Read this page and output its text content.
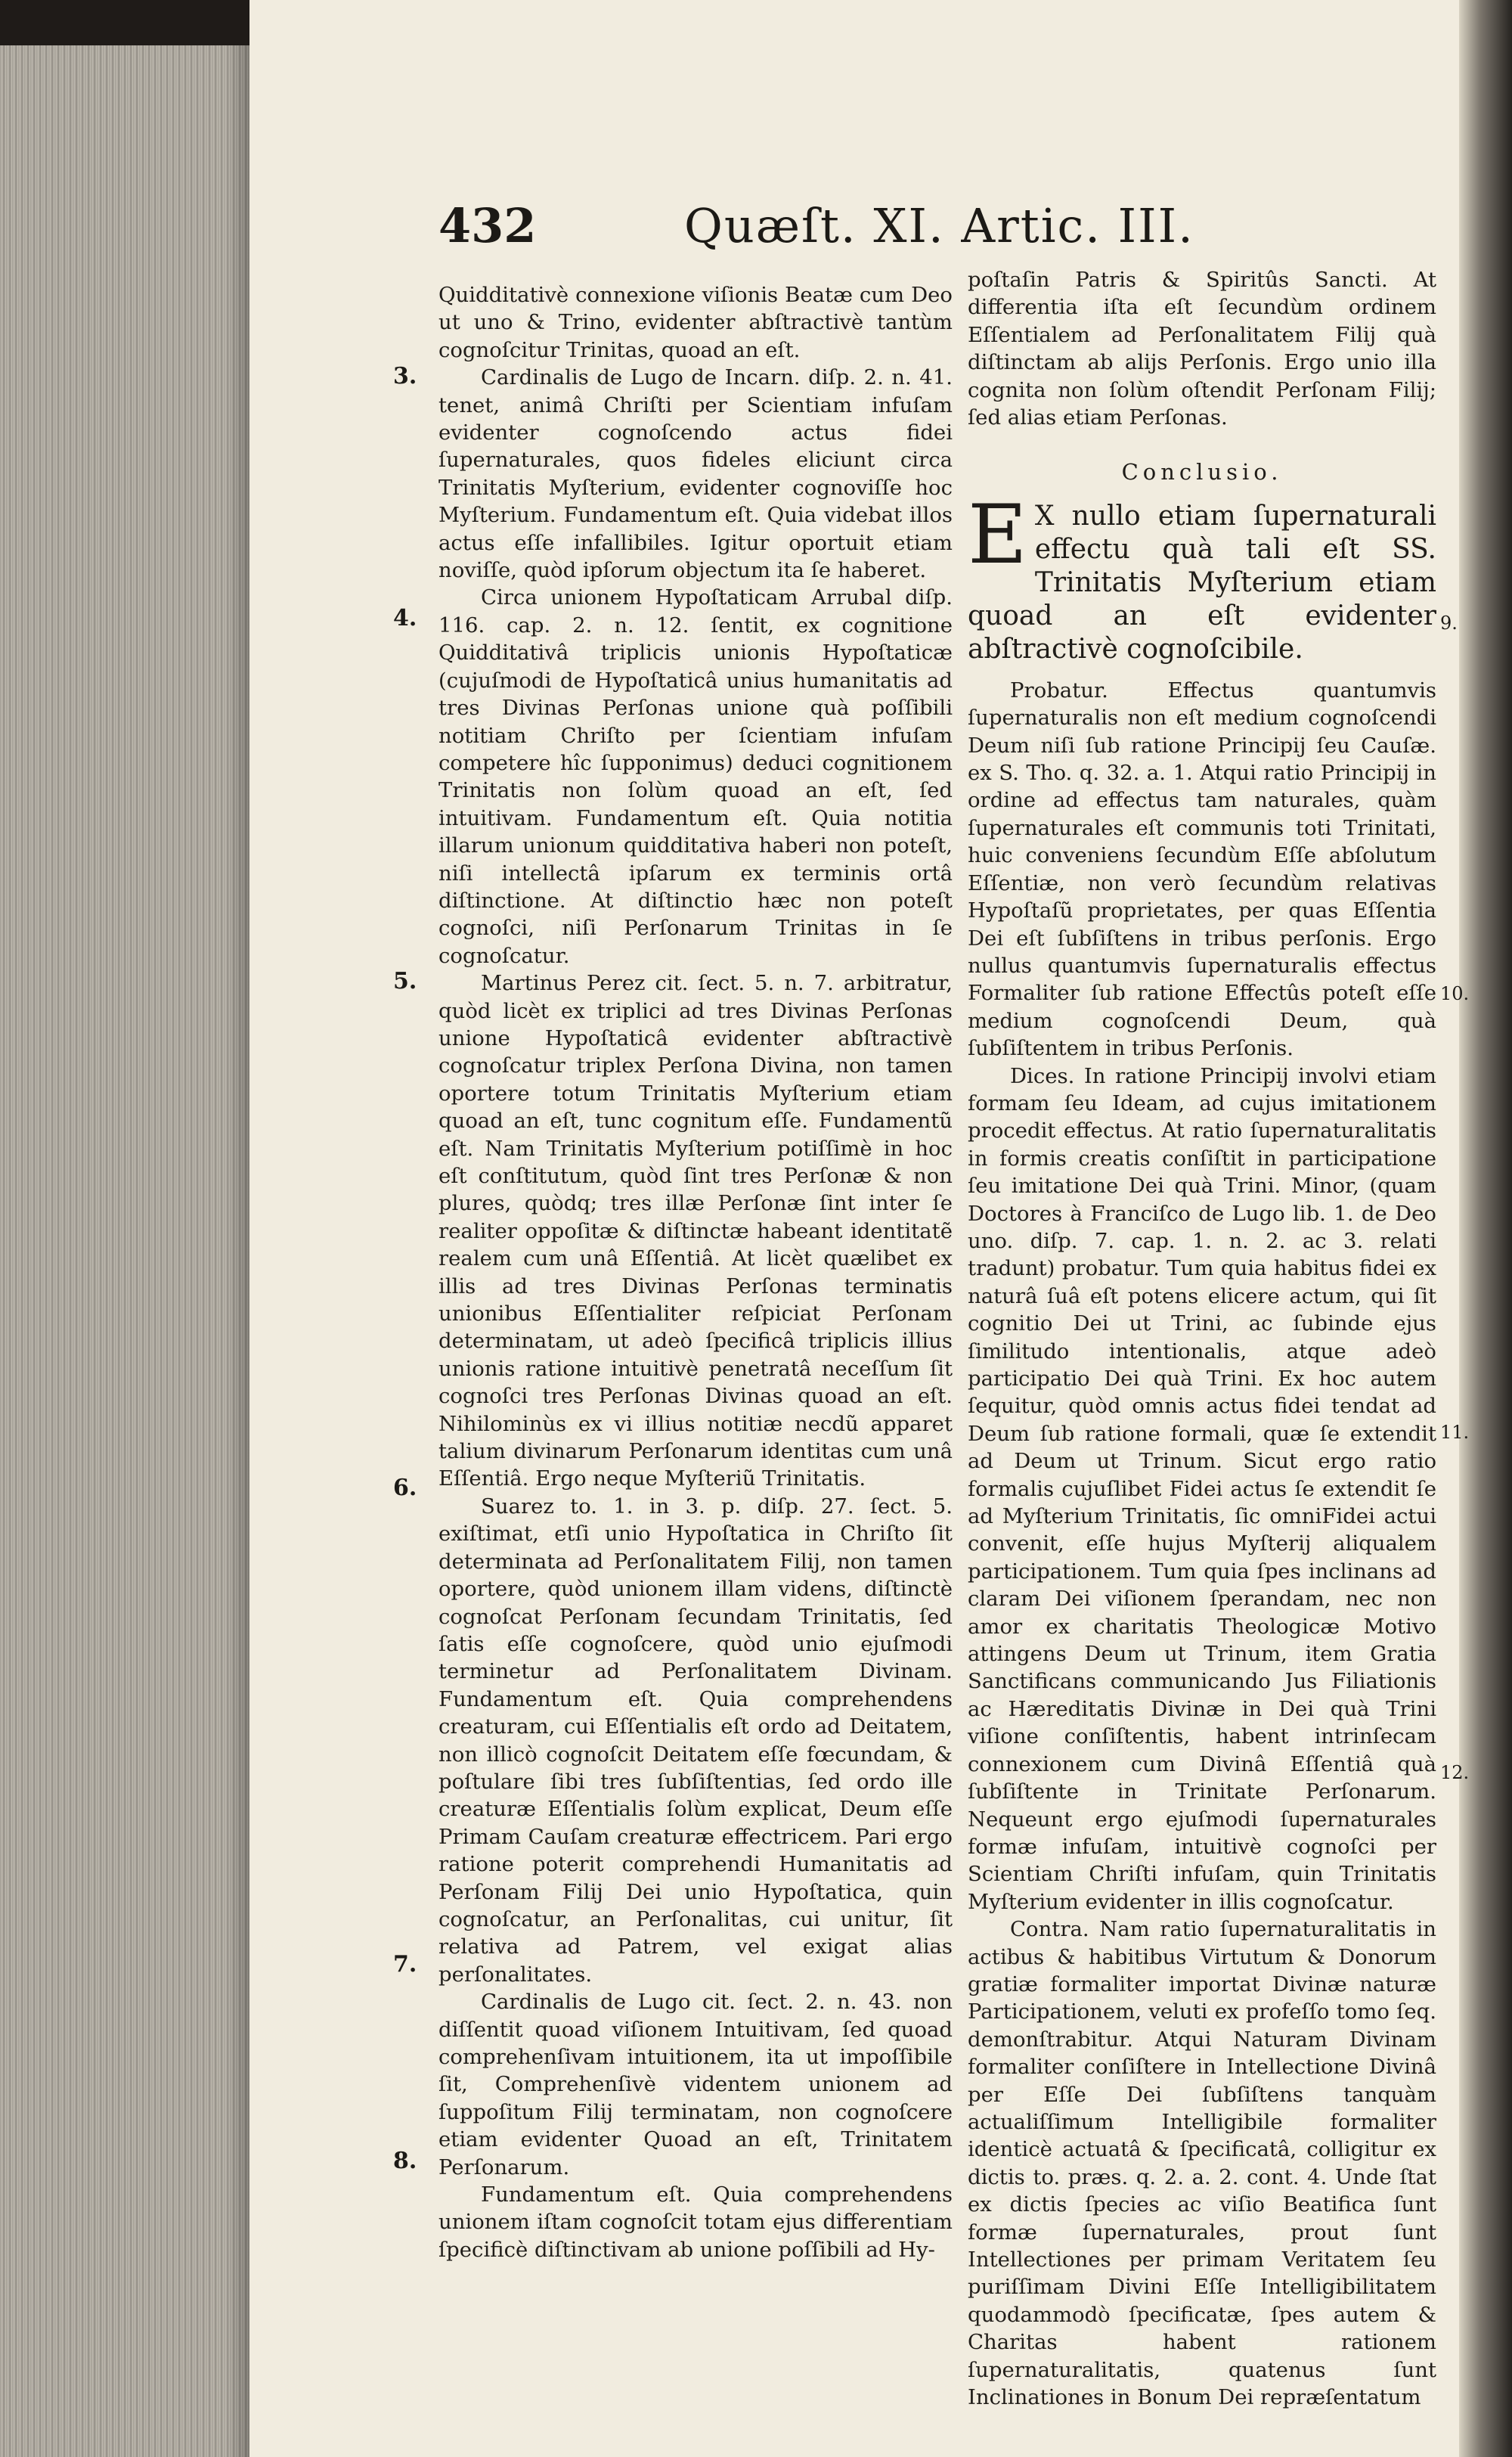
432	Quæſt. XI. Artic. III.
3.
4.
5.
6.
7.
8.

Quidditativè connexione viſionis Beatæ cum Deo ut uno & Trino, evidenter abſtractivè tantùm cognoſcitur Trinitas, quoad an eſt.

Cardinalis de Lugo de Incarn. diſp. 2. n. 41. tenet, animâ Chriſti per Scientiam infuſam evidenter cognoſcendo actus fidei ſupernaturales, quos fideles eliciunt circa Trinitatis Myſterium, evidenter cognoviſſe hoc Myſterium. Fundamentum eſt. Quia videbat illos actus eſſe infallibiles. Igitur oportuit etiam noviſſe, quòd ipſorum objectum ita ſe haberet.

Circa unionem Hypoſtaticam Arrubal diſp. 116. cap. 2. n. 12. ſentit, ex cognitione Quidditativâ triplicis unionis Hypoſtaticæ (cujuſmodi de Hypoſtaticâ unius humanitatis ad tres Divinas Perſonas unione quà poſſibili notitiam Chriſto per ſcientiam infuſam competere hîc ſupponimus) deduci cognitionem Trinitatis non ſolùm quoad an eſt, ſed intuitivam. Fundamentum eſt. Quia notitia illarum unionum quidditativa haberi non poteſt, niſi intellectâ ipſarum ex terminis ortâ diſtinctione. At diſtinctio hæc non poteſt cognoſci, niſi Perſonarum Trinitas in ſe cognoſcatur.

Martinus Perez cit. ſect. 5. n. 7. arbitratur, quòd licèt ex triplici ad tres Divinas Perſonas unione Hypoſtaticâ evidenter abſtractivè cognoſcatur triplex Perſona Divina, non tamen oportere totum Trinitatis Myſterium etiam quoad an eſt, tunc cognitum eſſe. Fundamentũ eſt. Nam Trinitatis Myſterium potiſſimè in hoc eſt conſtitutum, quòd ſint tres Perſonæ & non plures, quòdq; tres illæ Perſonæ ſint inter ſe realiter oppoſitæ & diſtinctæ habeant identitatẽ realem cum unâ Eſſentiâ. At licèt quælibet ex illis ad tres Divinas Perſonas terminatis unionibus Eſſentialiter reſpiciat Perſonam determinatam, ut adeò ſpecificâ triplicis illius unionis ratione intuitivè penetratâ neceſſum ſit cognoſci tres Perſonas Divinas quoad an eſt. Nihilominùs ex vi illius notitiæ necdũ apparet talium divinarum Perſonarum identitas cum unâ Eſſentiâ. Ergo neque Myſteriũ Trinitatis.

Suarez to. 1. in 3. p. diſp. 27. ſect. 5. exiſtimat, etſi unio Hypoſtatica in Chriſto ſit determinata ad Perſonalitatem Filij, non tamen oportere, quòd unionem illam videns, diſtinctè cognoſcat Perſonam ſecundam Trinitatis, ſed ſatis eſſe cognoſcere, quòd unio ejuſmodi terminetur ad Perſonalitatem Divinam. Fundamentum eſt. Quia comprehendens creaturam, cui Eſſentialis eſt ordo ad Deitatem, non illicò cognoſcit Deitatem eſſe fœcundam, & poſtulare ſibi tres ſubſiſtentias, ſed ordo ille creaturæ Eſſentialis ſolùm explicat, Deum eſſe Primam Cauſam creaturæ effectricem. Pari ergo ratione poterit comprehendi Humanitatis ad Perſonam Filij Dei unio Hypoſtatica, quin cognoſcatur, an Perſonalitas, cui unitur, ſit relativa ad Patrem, vel exigat alias perſonalitates.

Cardinalis de Lugo cit. ſect. 2. n. 43. non diſſentit quoad viſionem Intuitivam, ſed quoad comprehenſivam intuitionem, ita ut impoſſibile ſit, Comprehenſivè videntem unionem ad ſuppoſitum Filij terminatam, non cognoſcere etiam evidenter Quoad an eſt, Trinitatem Perſonarum.

Fundamentum eſt. Quia comprehendens unionem iſtam cognoſcit totam ejus differentiam ſpecificè diſtinctivam ab unione poſſibili ad Hy-

9.
10.
11.
12.

poſtaſin Patris & Spiritûs Sancti. At differentia iſta eſt ſecundùm ordinem Eſſentialem ad Perſonalitatem Filij quà diſtinctam ab alijs Perſonis. Ergo unio illa cognita non ſolùm oſtendit Perſonam Filij; ſed alias etiam Perſonas.

Conclusio.

E X nullo etiam ſupernaturali effectu quà tali eſt SS. Trinitatis Myſterium etiam quoad an eſt evidenter abſtractivè cognoſcibile.

Probatur. Effectus quantumvis ſupernaturalis non eſt medium cognoſcendi Deum niſi ſub ratione Principij ſeu Cauſæ. ex S. Tho. q. 32. a. 1. Atqui ratio Principij in ordine ad effectus tam naturales, quàm ſupernaturales eſt communis toti Trinitati, huic conveniens ſecundùm Eſſe abſolutum Eſſentiæ, non verò ſecundùm relativas Hypoſtaſũ proprietates, per quas Eſſentia Dei eſt ſubſiſtens in tribus perſonis. Ergo nullus quantumvis ſupernaturalis effectus Formaliter ſub ratione Effectûs poteſt eſſe medium cognoſcendi Deum, quà ſubſiſtentem in tribus Perſonis.

Dices. In ratione Principij involvi etiam formam ſeu Ideam, ad cujus imitationem procedit effectus. At ratio ſupernaturalitatis in formis creatis conſiſtit in participatione ſeu imitatione Dei quà Trini. Minor, (quam Doctores à Franciſco de Lugo lib. 1. de Deo uno. diſp. 7. cap. 1. n. 2. ac 3. relati tradunt) probatur. Tum quia habitus fidei ex naturâ ſuâ eſt potens elicere actum, qui ſit cognitio Dei ut Trini, ac ſubinde ejus ſimilitudo intentionalis, atque adeò participatio Dei quà Trini. Ex hoc autem ſequitur, quòd omnis actus fidei tendat ad Deum ſub ratione formali, quæ ſe extendit ad Deum ut Trinum. Sicut ergo ratio formalis cujuſlibet Fidei actus ſe extendit ſe ad Myſterium Trinitatis, ſic omniFidei actui convenit, eſſe hujus Myſterij aliqualem participationem. Tum quia ſpes inclinans ad claram Dei viſionem ſperandam, nec non amor ex charitatis Theologicæ Motivo attingens Deum ut Trinum, item Gratia Sanctificans communicando Jus Filiationis ac Hæreditatis Divinæ in Dei quà Trini viſione conſiſtentis, habent intrinſecam connexionem cum Divinâ Eſſentiâ quà ſubſiſtente in Trinitate Perſonarum. Nequeunt ergo ejuſmodi ſupernaturales formæ infuſam, intuitivè cognoſci per Scientiam Chriſti infuſam, quin Trinitatis Myſterium evidenter in illis cognoſcatur.

Contra. Nam ratio ſupernaturalitatis in actibus & habitibus Virtutum & Donorum gratiæ formaliter importat Divinæ naturæ Participationem, veluti ex profeſſo tomo ſeq. demonſtrabitur. Atqui Naturam Divinam formaliter conſiſtere in Intellectione Divinâ per Eſſe Dei ſubſiſtens tanquàm actualiſſimum Intelligibile formaliter identicè actuatâ & ſpecificatâ, colligitur ex dictis to. præs. q. 2. a. 2. cont. 4. Unde ſtat ex dictis ſpecies ac viſio Beatifica ſunt formæ ſupernaturales, prout ſunt Intellectiones per primam Veritatem ſeu puriſſimam Divini Eſſe Intelligibilitatem quodammodò ſpecificatæ, ſpes autem & Charitas habent rationem ſupernaturalitatis, quatenus ſunt Inclinationes in Bonum Dei repræſentatum
